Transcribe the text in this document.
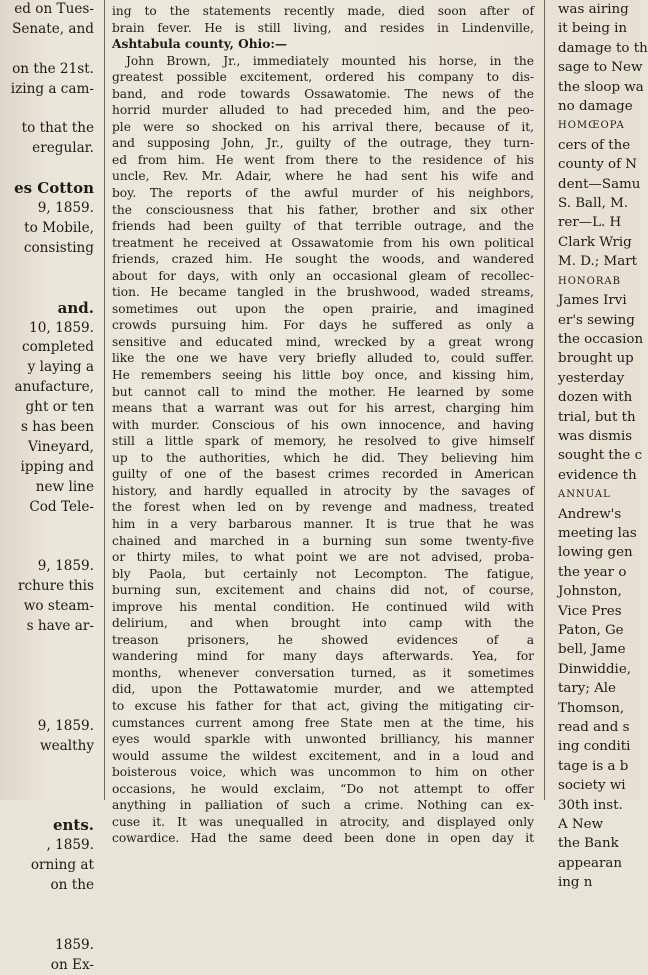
ed on Tues-

Senate, and

on the 21st.

izing a cam-

to that the

eregular.

es Cotton

9, 1859.

to Mobile,

consisting

and.

10, 1859.

completed

y laying a

anufacture,

ght or ten

s has been

Vineyard,

ipping and

new line

Cod Tele-

9, 1859.

rchure this

wo steam-

s have ar-

9, 1859.

wealthy

ents.

, 1859.

orning at

on the

1859.

on Ex-

ing to the statements recently made, died soon after of

brain fever. He is still living, and resides in Lindenville,

Ashtabula county, Ohio:—

John Brown, Jr., immediately mounted his horse, in the

greatest possible excitement, ordered his company to dis-

band, and rode towards Ossawatomie. The news of the

horrid murder alluded to had preceded him, and the peo-

ple were so shocked on his arrival there, because of it,

and supposing John, Jr., guilty of the outrage, they turn-

ed from him. He went from there to the residence of his

uncle, Rev. Mr. Adair, where he had sent his wife and

boy. The reports of the awful murder of his neighbors,

the consciousness that his father, brother and six other

friends had been guilty of that terrible outrage, and the

treatment he received at Ossawatomie from his own political

friends, crazed him. He sought the woods, and wandered

about for days, with only an occasional gleam of recollec-

tion. He became tangled in the brushwood, waded streams,

sometimes out upon the open prairie, and imagined

crowds pursuing him. For days he suffered as only a

sensitive and educated mind, wrecked by a great wrong

like the one we have very briefly alluded to, could suffer.

He remembers seeing his little boy once, and kissing him,

but cannot call to mind the mother. He learned by some

means that a warrant was out for his arrest, charging him

with murder. Conscious of his own innocence, and having

still a little spark of memory, he resolved to give himself

up to the authorities, which he did. They believing him

guilty of one of the basest crimes recorded in American

history, and hardly equalled in atrocity by the savages of

the forest when led on by revenge and madness, treated

him in a very barbarous manner. It is true that he was

chained and marched in a burning sun some twenty-five

or thirty miles, to what point we are not advised, proba-

bly Paola, but certainly not Lecompton. The fatigue,

burning sun, excitement and chains did not, of course,

improve his mental condition. He continued wild with

delirium, and when brought into camp with the

treason prisoners, he showed evidences of a

wandering mind for many days afterwards. Yea, for

months, whenever conversation turned, as it sometimes

did, upon the Pottawatomie murder, and we attempted

to excuse his father for that act, giving the mitigating cir-

cumstances current among free State men at the time, his

eyes would sparkle with unwonted brilliancy, his manner

would assume the wildest excitement, and in a loud and

boisterous voice, which was uncommon to him on other

occasions, he would exclaim, “Do not attempt to offer

anything in palliation of such a crime. Nothing can ex-

cuse it. It was unequalled in atrocity, and displayed only

cowardice. Had the same deed been done in open day it

was airing

it being in

damage to th

sage to New

the sloop wa

no damage

HOMŒOPA

cers of the

county of N

dent—Samu

S. Ball, M.

rer—L. H

Clark Wrig

M. D.; Mart

HONORAB

James Irvi

er's sewing

the occasion

brought up

yesterday

dozen with

trial, but th

was dismis

sought the c

evidence th

ANNUAL

Andrew's

meeting las

lowing gen

the year o

Johnston,

Vice Pres

Paton, Ge

bell, Jame

Dinwiddie,

tary; Ale

Thomson,

read and s

ing conditi

tage is a b

society wi

30th inst.

A New

the Bank

appearan

ing n
